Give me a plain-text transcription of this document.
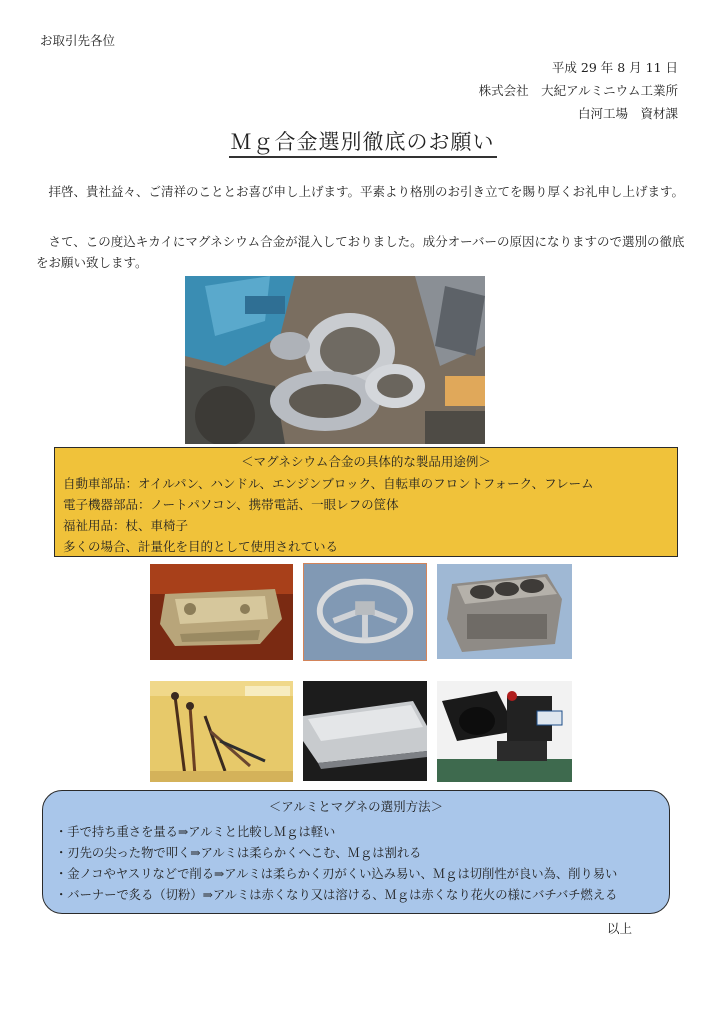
お取引先各位
平成 29 年 8 月 11 日
株式会社　大紀アルミニウム工業所
白河工場　資材課
Ｍｇ合金選別徹底のお願い
　拝啓、貴社益々、ご清祥のこととお喜び申し上げます。平素より格別のお引き立てを賜り厚くお礼申し上げます。
　さて、この度込キカイにマグネシウム合金が混入しておりました。成分オーバーの原因になりますので選別の徹底をお願い致します。
＜マグネシウム合金の具体的な製品用途例＞
自動車部品：オイルパン、ハンドル、エンジンブロック、自転車のフロントフォーク、フレーム
電子機器部品：ノートパソコン、携帯電話、一眼レフの筐体
福祉用品：杖、車椅子
多くの場合、計量化を目的として使用されている
＜アルミとマグネの選別方法＞
・手で持ち重さを量る⇒アルミと比較しＭｇは軽い
・刃先の尖った物で叩く⇒アルミは柔らかくへこむ、Ｍｇは割れる
・金ノコやヤスリなどで削る⇒アルミは柔らかく刃がくい込み易い、Ｍｇは切削性が良い為、削り易い
・バーナーで炙る（切粉）⇒アルミは赤くなり又は溶ける、Ｍｇは赤くなり花火の様にバチバチ燃える
以上
